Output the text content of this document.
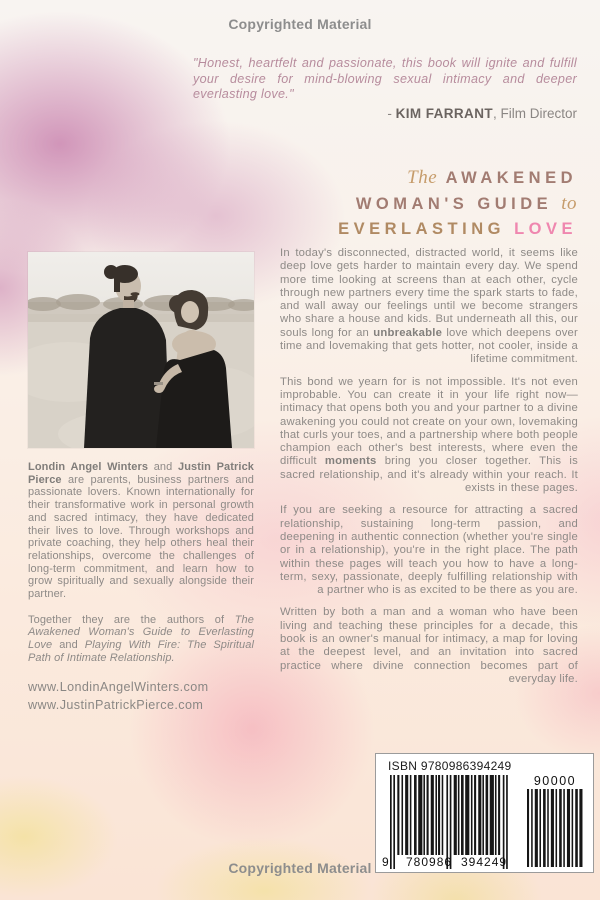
Copyrighted Material
"Honest, heartfelt and passionate, this book will ignite and fulfill your desire for mind-blowing sexual intimacy and deeper everlasting love."
- KIM FARRANT, Film Director
The AWAKENED
WOMAN'S GUIDE to
EVERLASTING LOVE

In today's disconnected, distracted world, it seems like deep love gets harder to maintain every day. We spend more time looking at screens than at each other, cycle through new partners every time the spark starts to fade, and wall away our feelings until we become strangers who share a house and kids. But underneath all this, our souls long for an unbreakable love which deepens over time and lovemaking that gets hotter, not cooler, inside a lifetime commitment.

This bond we yearn for is not impossible. It's not even improbable. You can create it in your life right now—intimacy that opens both you and your partner to a divine awakening you could not create on your own, lovemaking that curls your toes, and a partnership where both people champion each other's best interests, where even the difficult moments bring you closer together. This is sacred relationship, and it's already within your reach. It exists in these pages.

If you are seeking a resource for attracting a sacred relationship, sustaining long-term passion, and deepening in authentic connection (whether you're single or in a relationship), you're in the right place. The path within these pages will teach you how to have a long-term, sexy, passionate, deeply fulfilling relationship with a partner who is as excited to be there as you are.

Written by both a man and a woman who have been living and teaching these principles for a decade, this book is an owner's manual for intimacy, a map for loving at the deepest level, and an invitation into sacred practice where divine connection becomes part of everyday life.

Londin Angel Winters and Justin Patrick Pierce are parents, business partners and passionate lovers. Known internationally for their transformative work in personal growth and sacred intimacy, they have dedicated their lives to love. Through workshops and private coaching, they help others heal their relationships, overcome the challenges of long-term commitment, and learn how to grow spiritually and sexually alongside their partner.

Together they are the authors of The Awakened Woman's Guide to Everlasting Love and Playing With Fire: The Spiritual Path of Intimate Relationship.

www.LondinAngelWinters.com
www.JustinPatrickPierce.com
ISBN 9780986394249
9 780986 394249
90000
Copyrighted Material
